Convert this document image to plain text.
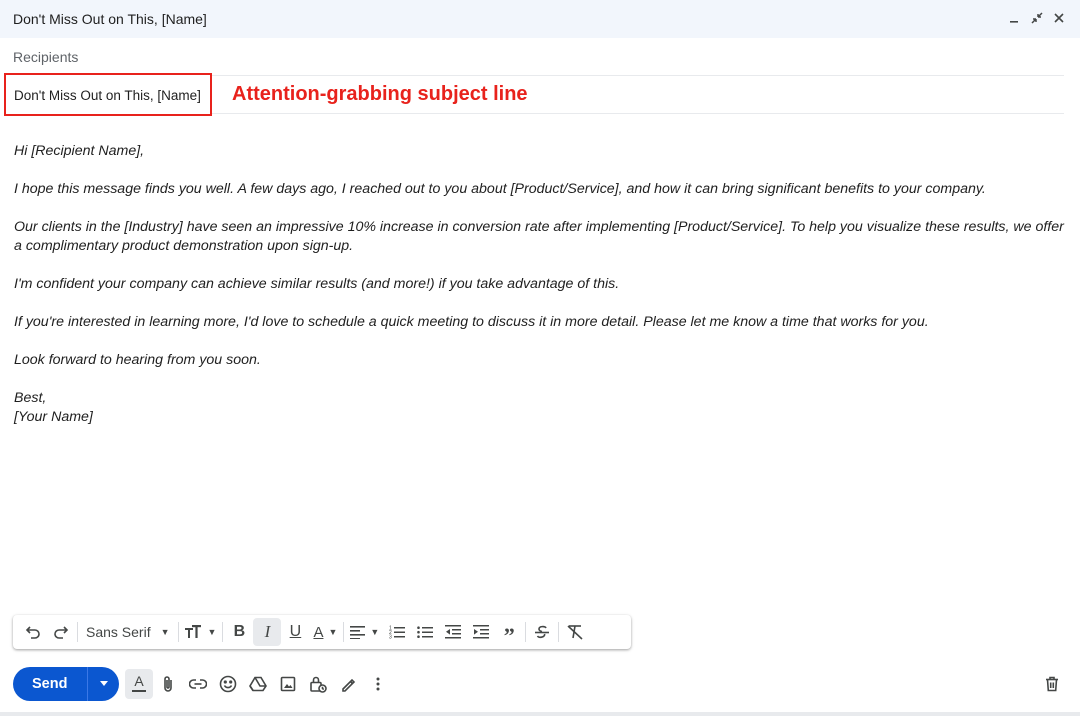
Don't Miss Out on This, [Name]
Recipients
Don't Miss Out on This, [Name] Attention-grabbing subject line

Hi [Recipient Name],

I hope this message finds you well. A few days ago, I reached out to you about [Product/Service], and how it can bring significant benefits to your company.

Our clients in the [Industry] have seen an impressive 10% increase in conversion rate after implementing [Product/Service]. To help you visualize these results, we offer a complimentary product demonstration upon sign-up.

I'm confident your company can achieve similar results (and more!) if you take advantage of this.

If you're interested in learning more, I'd love to schedule a quick meeting to discuss it in more detail. Please let me know a time that works for you.

Look forward to hearing from you soon.

Best,

[Your Name]

Sans Serif ▼	▼	B	I	U A ▼	▼ 1
2
3	”
Send	A
